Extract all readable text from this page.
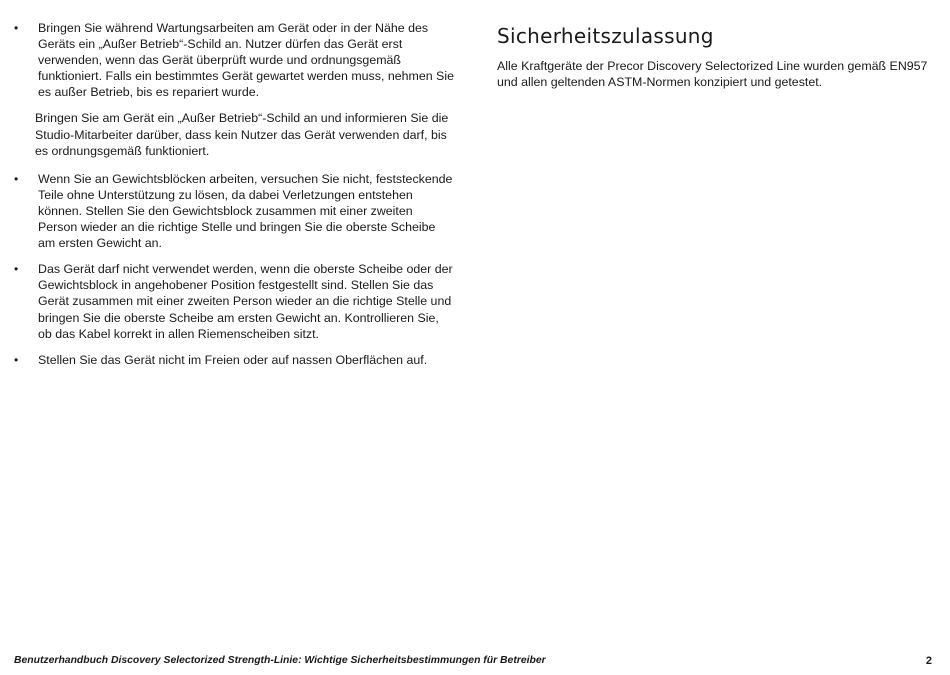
•	Bringen Sie während Wartungsarbeiten am Gerät oder in der Nähe des Geräts ein „Außer Betrieb“-Schild an. Nutzer dürfen das Gerät erst verwenden, wenn das Gerät überprüft wurde und ordnungsgemäß funktioniert. Falls ein bestimmtes Gerät gewartet werden muss, nehmen Sie es außer Betrieb, bis es repariert wurde.

Bringen Sie am Gerät ein „Außer Betrieb“-Schild an und informieren Sie die Studio-Mitarbeiter darüber, dass kein Nutzer das Gerät verwenden darf, bis es ordnungsgemäß funktioniert.

•	Wenn Sie an Gewichtsblöcken arbeiten, versuchen Sie nicht, feststeckende Teile ohne Unterstützung zu lösen, da dabei Verletzungen entstehen können. Stellen Sie den Gewichtsblock zusammen mit einer zweiten Person wieder an die richtige Stelle und bringen Sie die oberste Scheibe am ersten Gewicht an.
•	Das Gerät darf nicht verwendet werden, wenn die oberste Scheibe oder der Gewichtsblock in angehobener Position festgestellt sind. Stellen Sie das Gerät zusammen mit einer zweiten Person wieder an die richtige Stelle und bringen Sie die oberste Scheibe am ersten Gewicht an. Kontrollieren Sie, ob das Kabel korrekt in allen Riemenscheiben sitzt.
•	Stellen Sie das Gerät nicht im Freien oder auf nassen Oberflächen auf.
Sicherheitszulassung

Alle Kraftgeräte der Precor Discovery Selectorized Line wurden gemäß EN957 und allen geltenden ASTM-Normen konzipiert und getestet.

Benutzerhandbuch Discovery Selectorized Strength-Linie: Wichtige Sicherheitsbestimmungen für Betreiber	2
